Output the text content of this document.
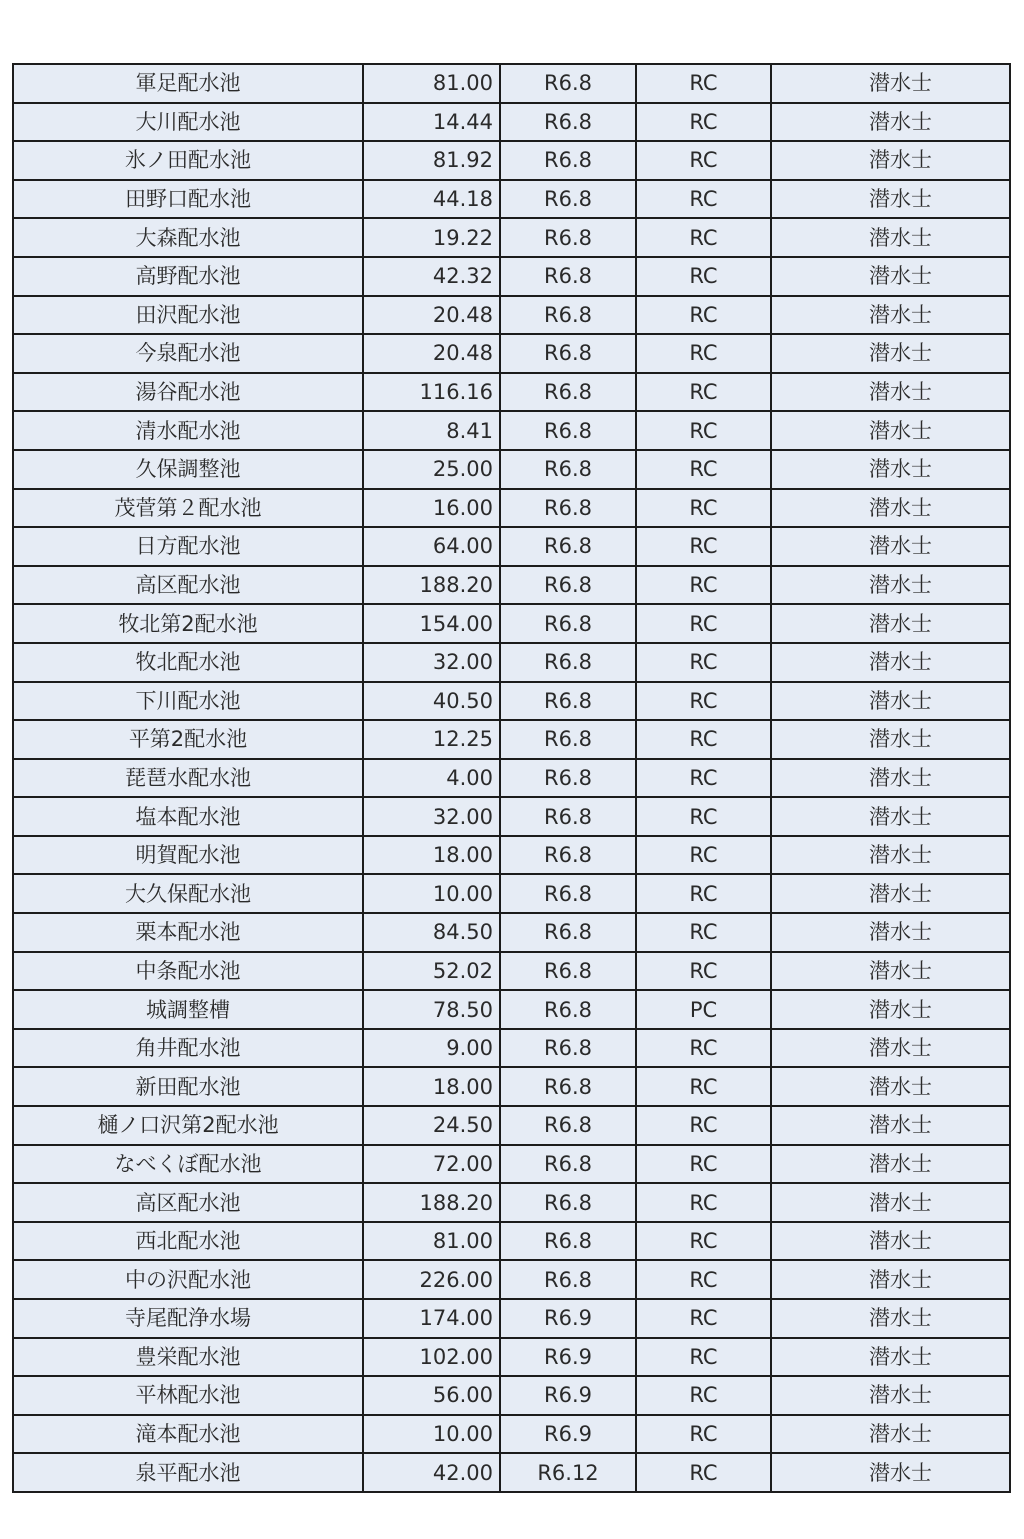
軍足配水池	81.00	R6.8	RC	潜水士
大川配水池	14.44	R6.8	RC	潜水士
氷ノ田配水池	81.92	R6.8	RC	潜水士
田野口配水池	44.18	R6.8	RC	潜水士
大森配水池	19.22	R6.8	RC	潜水士
高野配水池	42.32	R6.8	RC	潜水士
田沢配水池	20.48	R6.8	RC	潜水士
今泉配水池	20.48	R6.8	RC	潜水士
湯谷配水池	116.16	R6.8	RC	潜水士
清水配水池	8.41	R6.8	RC	潜水士
久保調整池	25.00	R6.8	RC	潜水士
茂菅第２配水池	16.00	R6.8	RC	潜水士
日方配水池	64.00	R6.8	RC	潜水士
高区配水池	188.20	R6.8	RC	潜水士
牧北第2配水池	154.00	R6.8	RC	潜水士
牧北配水池	32.00	R6.8	RC	潜水士
下川配水池	40.50	R6.8	RC	潜水士
平第2配水池	12.25	R6.8	RC	潜水士
琵琶水配水池	4.00	R6.8	RC	潜水士
塩本配水池	32.00	R6.8	RC	潜水士
明賀配水池	18.00	R6.8	RC	潜水士
大久保配水池	10.00	R6.8	RC	潜水士
栗本配水池	84.50	R6.8	RC	潜水士
中条配水池	52.02	R6.8	RC	潜水士
城調整槽	78.50	R6.8	PC	潜水士
角井配水池	9.00	R6.8	RC	潜水士
新田配水池	18.00	R6.8	RC	潜水士
樋ノ口沢第2配水池	24.50	R6.8	RC	潜水士
なべくぼ配水池	72.00	R6.8	RC	潜水士
高区配水池	188.20	R6.8	RC	潜水士
西北配水池	81.00	R6.8	RC	潜水士
中の沢配水池	226.00	R6.8	RC	潜水士
寺尾配浄水場	174.00	R6.9	RC	潜水士
豊栄配水池	102.00	R6.9	RC	潜水士
平林配水池	56.00	R6.9	RC	潜水士
滝本配水池	10.00	R6.9	RC	潜水士
泉平配水池	42.00	R6.12	RC	潜水士
